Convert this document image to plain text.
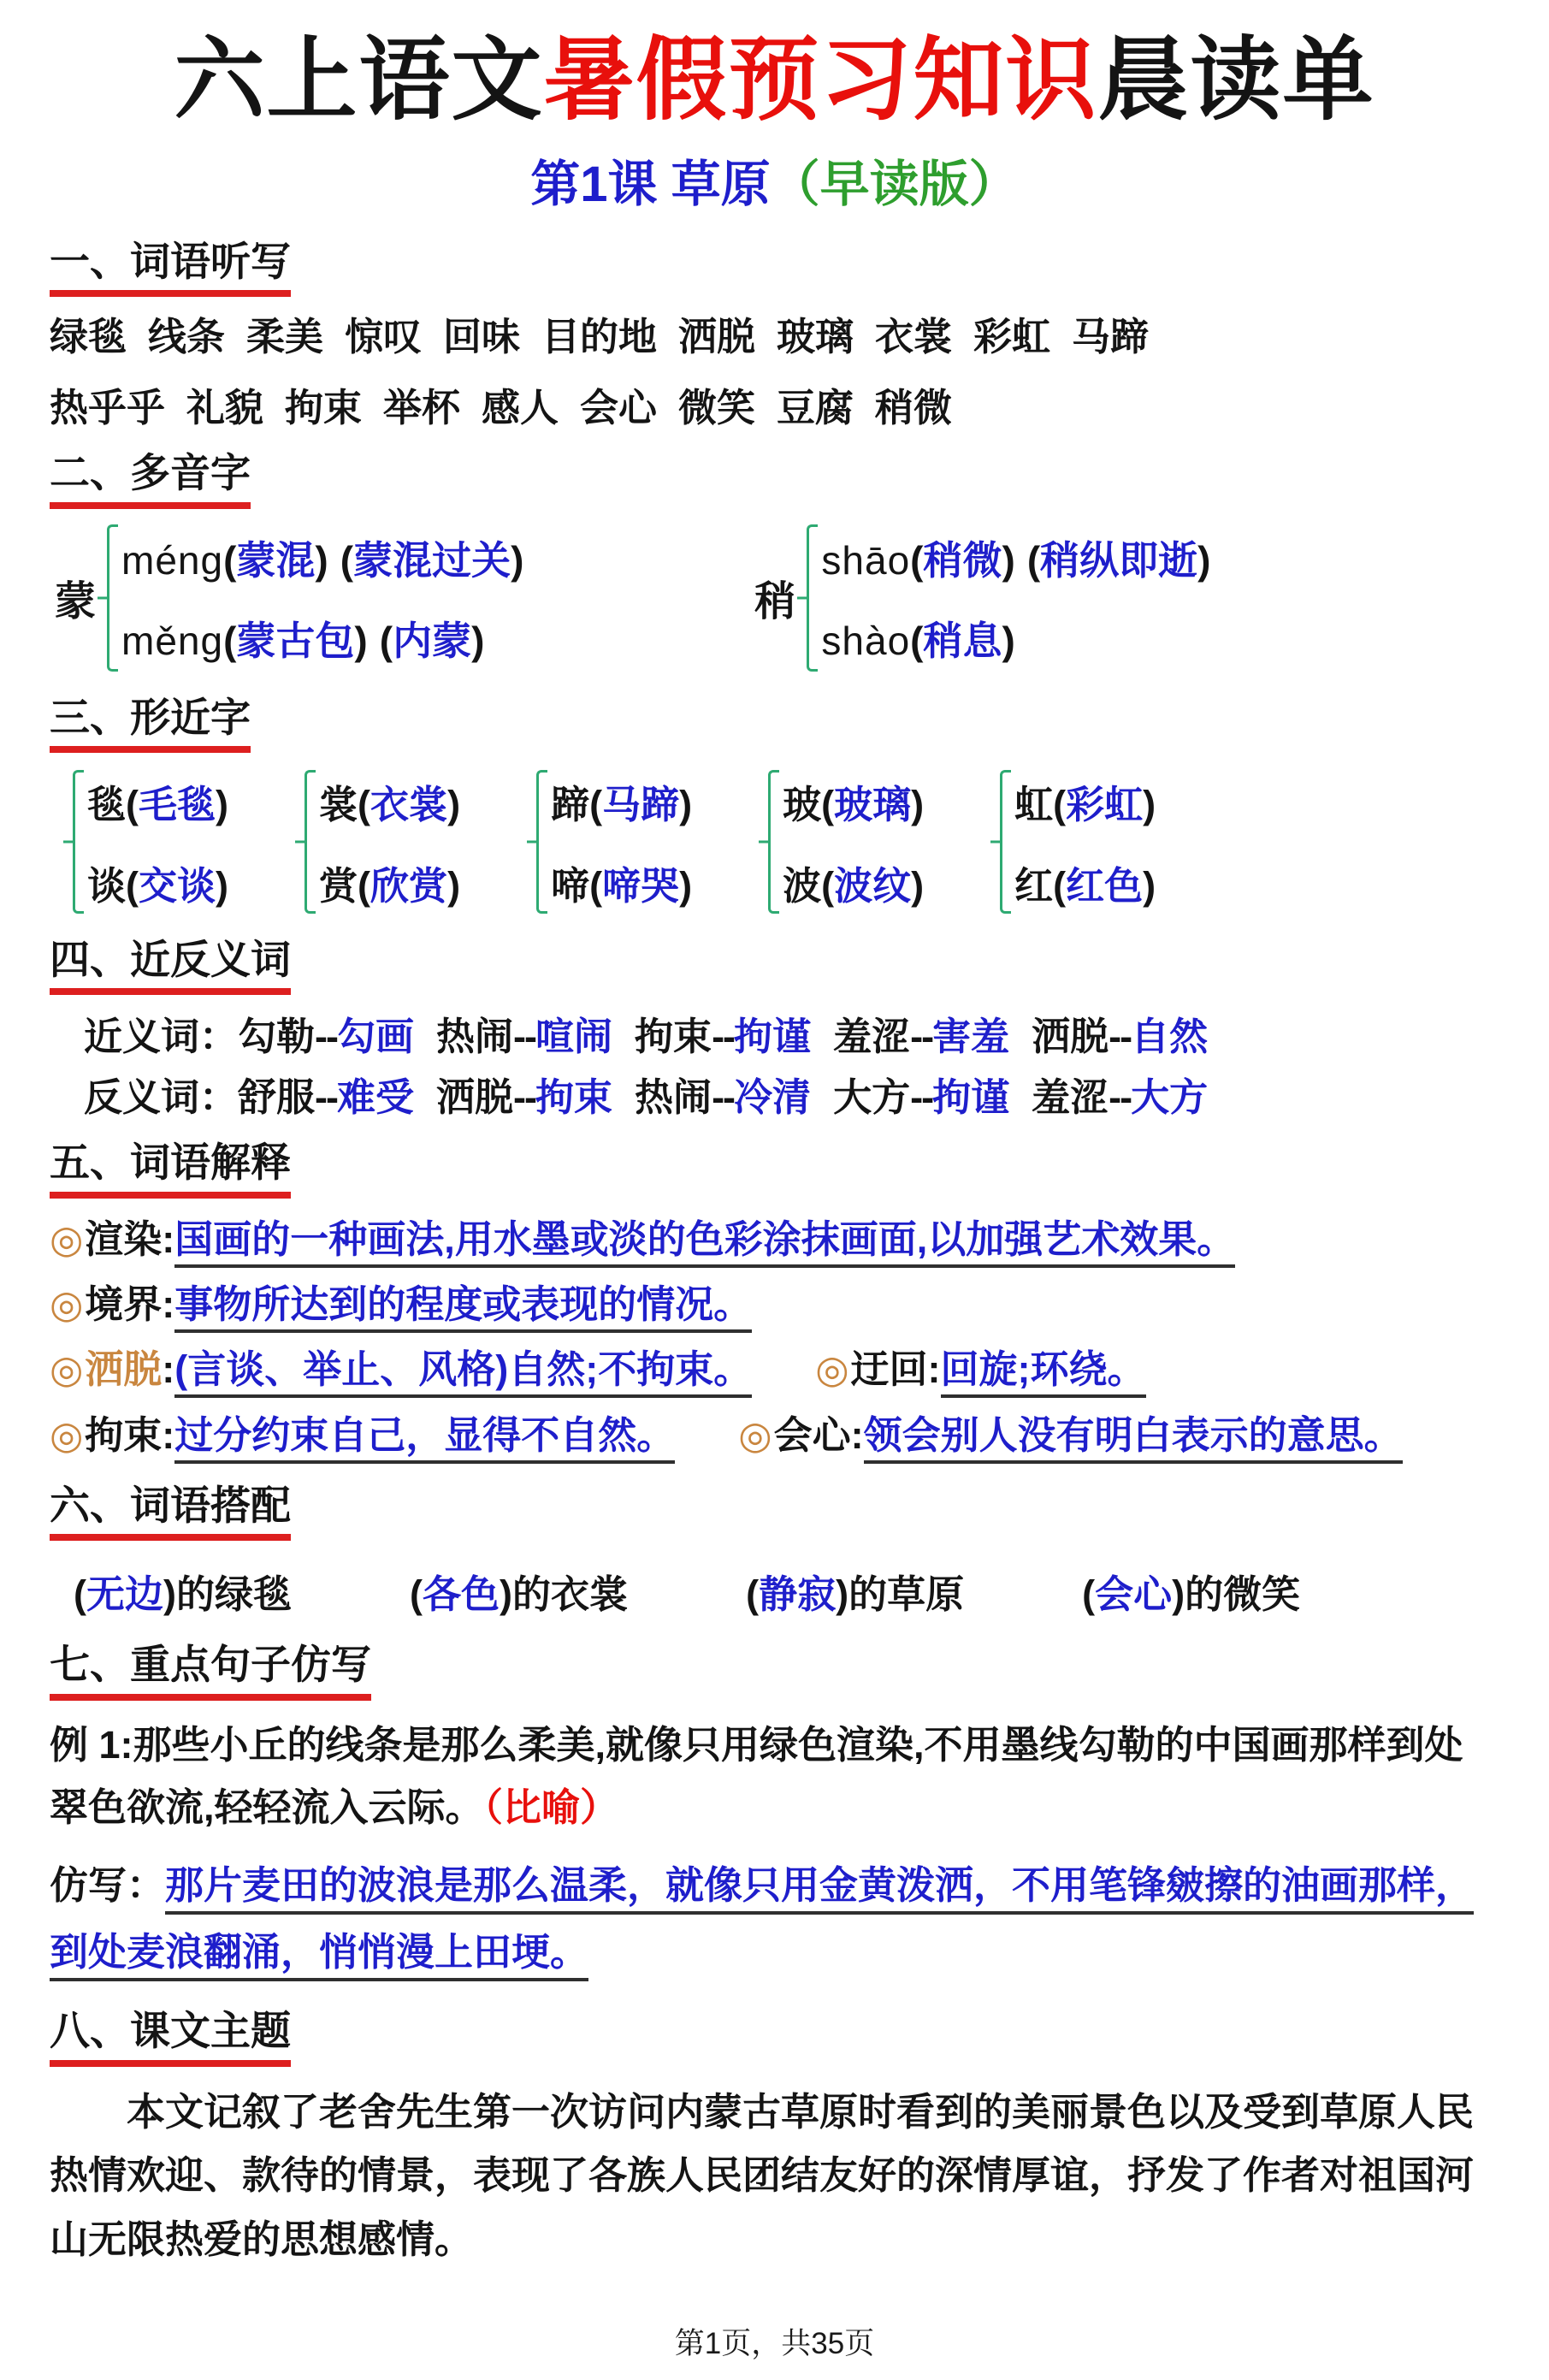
六上语文暑假预习知识晨读单
第1课 草原（早读版）
一、词语听写

绿毯  线条  柔美  惊叹  回味  目的地  洒脱  玻璃  衣裳  彩虹  马蹄

热乎乎  礼貌  拘束  举杯  感人  会心  微笑  豆腐  稍微

二、多音字
蒙
méng ( 蒙混 ) ( 蒙混过关 )
měng ( 蒙古包 ) ( 内蒙 )
稍
shāo ( 稍微 ) ( 稍纵即逝 )
shào ( 稍息 )
三、形近字
毯 ( 毛毯 )
谈 ( 交谈 )
裳 ( 衣裳 )
赏 ( 欣赏 )
蹄 ( 马蹄 )
啼 ( 啼哭 )
玻 ( 玻璃 )
波 ( 波纹 )
虹 ( 彩虹 )
红 ( 红色 )
四、近反义词

近义词：勾勒 -- 勾画 热闹 -- 喧闹 拘束 -- 拘谨 羞涩 -- 害羞 洒脱 -- 自然

反义词：舒服 -- 难受 洒脱 -- 拘束 热闹 -- 冷清 大方 -- 拘谨 羞涩 -- 大方

五、词语解释
◎渲染:国画的一种画法,用水墨或淡的色彩涂抹画面,以加强艺术效果。
◎境界:事物所达到的程度或表现的情况。
◎洒脱:(言谈、举止、风格)自然;不拘束。 ◎迂回:回旋;环绕。
◎拘束:过分约束自己，显得不自然。 ◎会心:领会别人没有明白表示的意思。
六、词语搭配
( 无边 ) 的绿毯	( 各色 ) 的衣裳	( 静寂 ) 的草原	( 会心 ) 的微笑
七、重点句子仿写

例 1:那些小丘的线条是那么柔美,就像只用绿色渲染,不用墨线勾勒的中国画那样到处翠色欲流,轻轻流入云际。（比喻）

仿写：那片麦田的波浪是那么温柔，就像只用金黄泼洒，不用笔锋皴擦的油画那样，到处麦浪翻涌，悄悄漫上田埂。

八、课文主题

本文记叙了老舍先生第一次访问内蒙古草原时看到的美丽景色以及受到草原人民热情欢迎、款待的情景，表现了各族人民团结友好的深情厚谊，抒发了作者对祖国河山无限热爱的思想感情。

第1页，共35页
